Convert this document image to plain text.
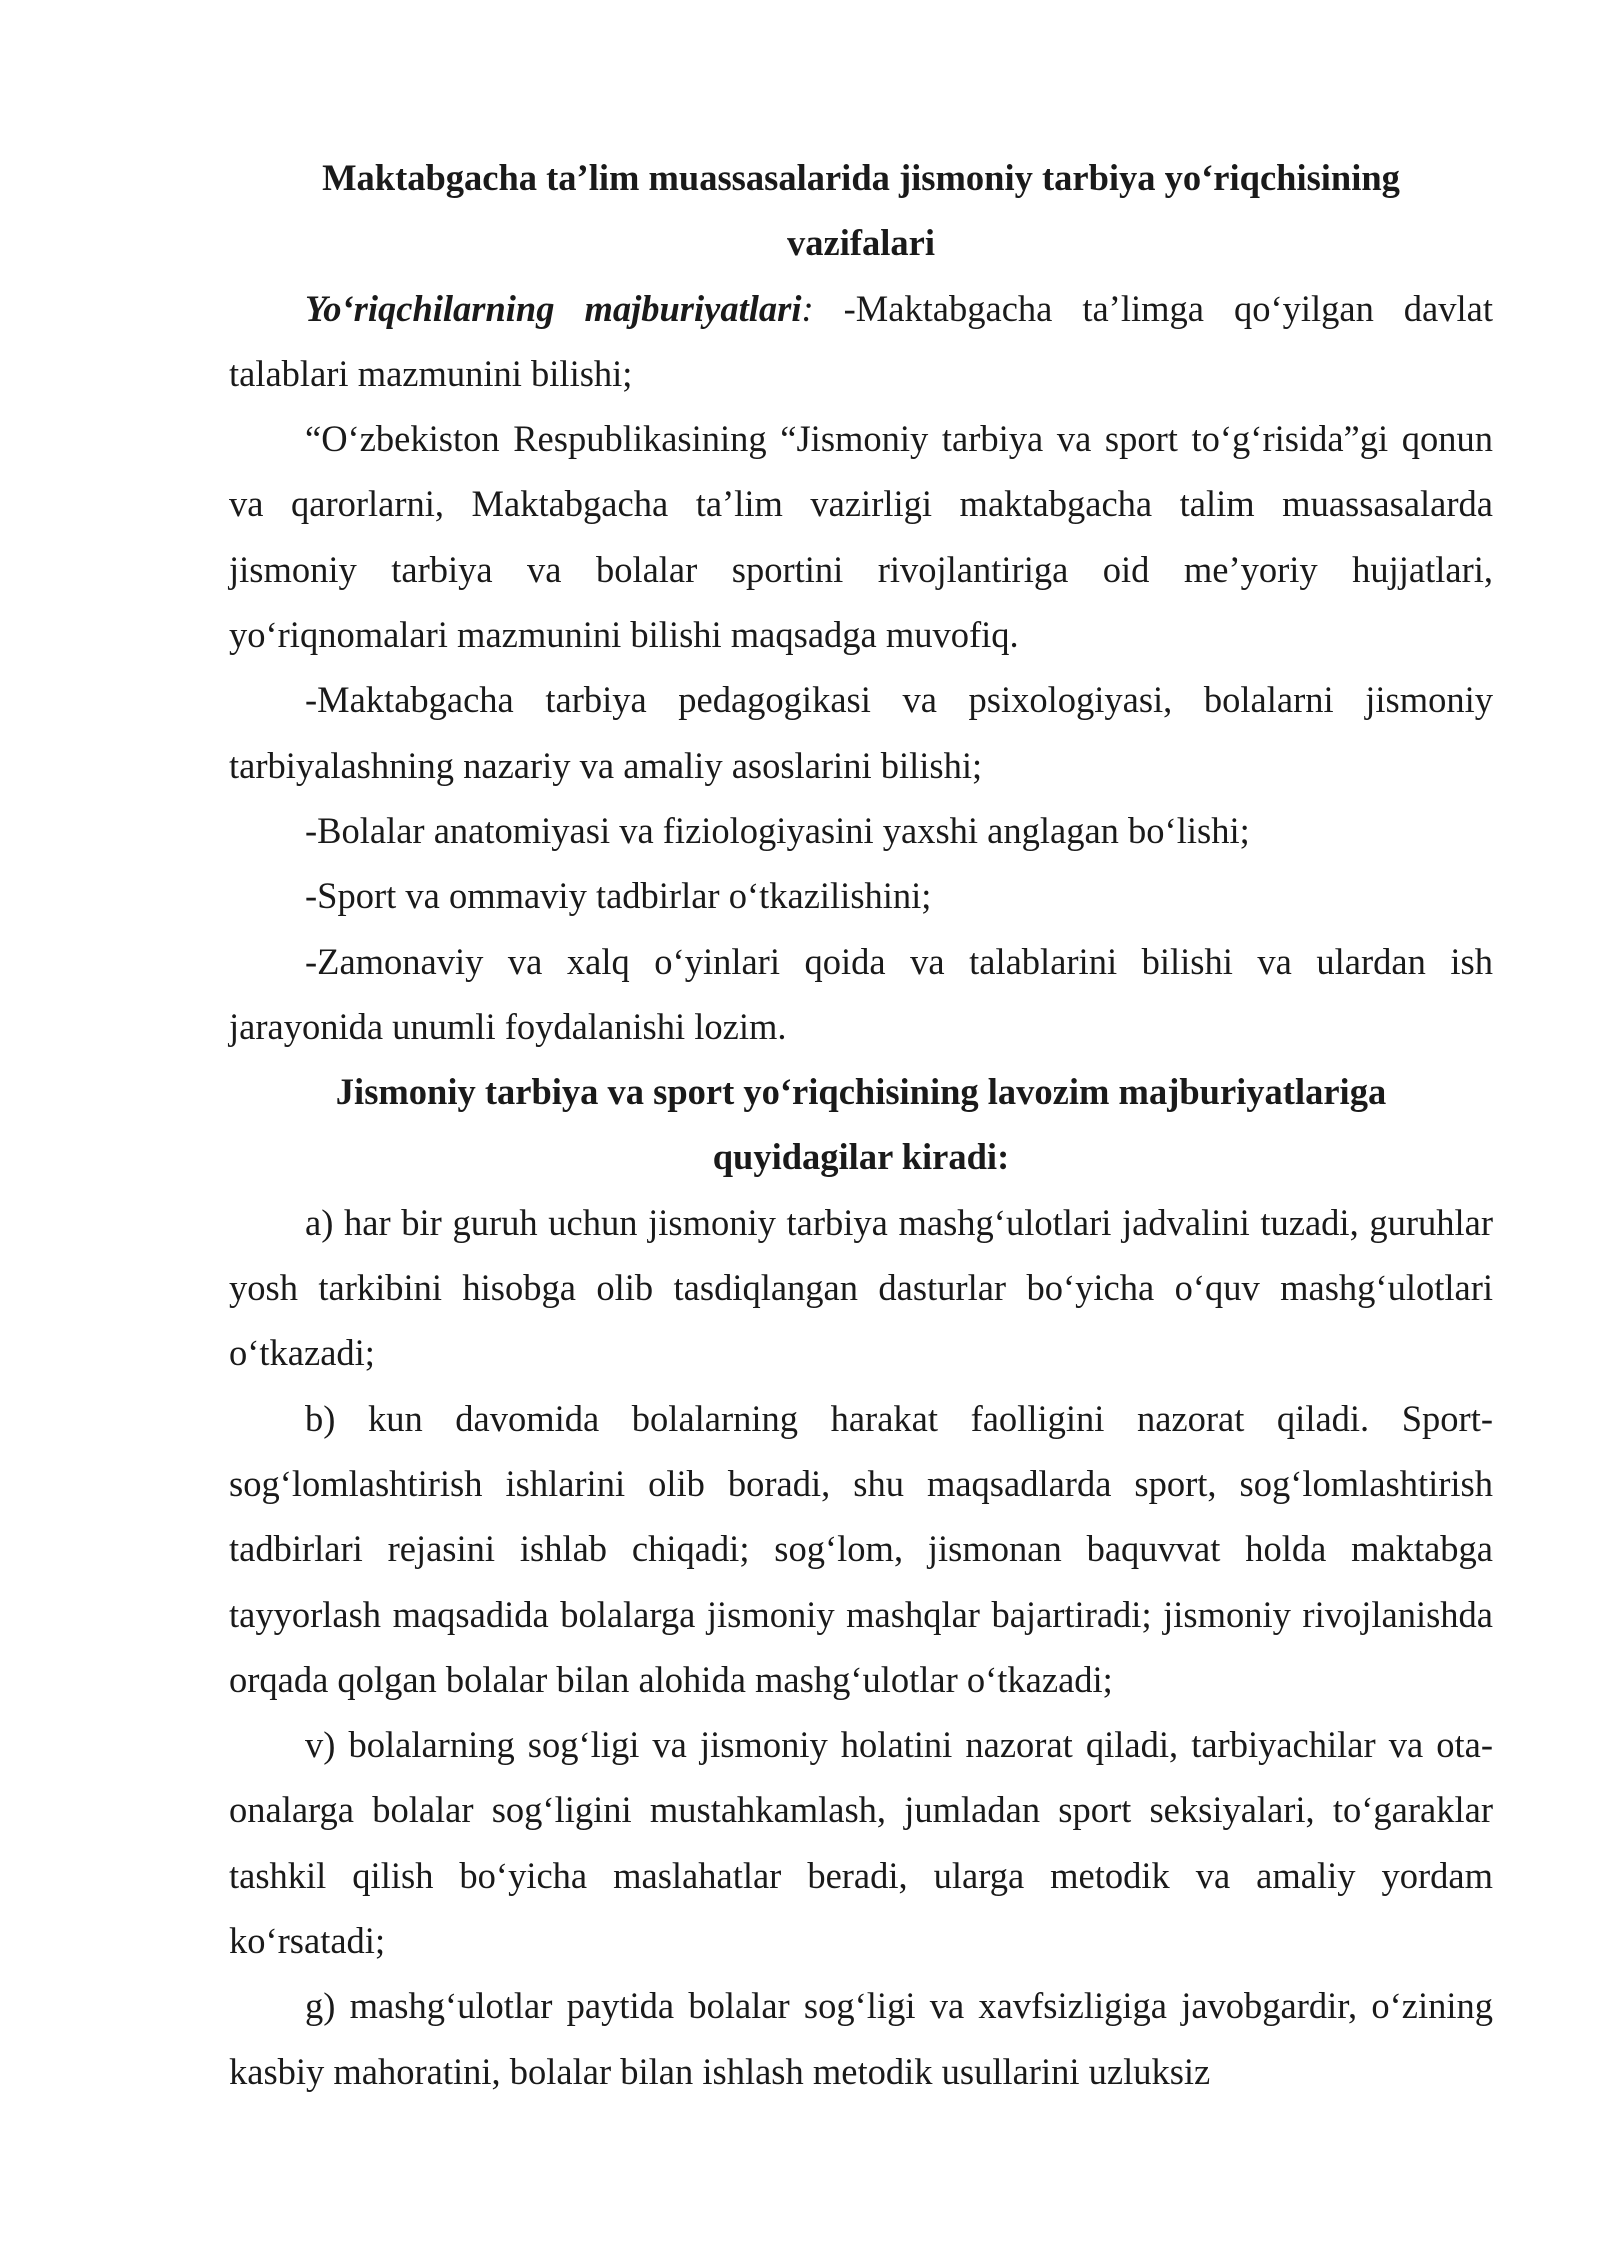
Maktabgacha ta’lim muassasalarida jismoniy tarbiya yo‘riqchisining
vazifalari

Yo‘riqchilarning majburiyatlari: -Maktabgacha ta’limga qo‘yilgan davlat talablari mazmunini bilishi;

“O‘zbekiston Respublikasining “Jismoniy tarbiya va sport to‘g‘risida”gi qonun va qarorlarni, Maktabgacha ta’lim vazirligi maktabgacha talim muassasalarda jismoniy tarbiya va bolalar sportini rivojlantiriga oid me’yoriy hujjatlari, yo‘riqnomalari mazmunini bilishi maqsadga muvofiq.

-Maktabgacha tarbiya pedagogikasi va psixologiyasi, bolalarni jismoniy tarbiyalashning nazariy va amaliy asoslarini bilishi;

-Bolalar anatomiyasi va fiziologiyasini yaxshi anglagan bo‘lishi;

-Sport va ommaviy tadbirlar o‘tkazilishini;

-Zamonaviy va xalq o‘yinlari qoida va talablarini bilishi va ulardan ish jarayonida unumli foydalanishi lozim.

Jismoniy tarbiya va sport yo‘riqchisining lavozim majburiyatlariga
quyidagilar kiradi:

a) har bir guruh uchun jismoniy tarbiya mashg‘ulotlari jadvalini tuzadi, guruhlar yosh tarkibini hisobga olib tasdiqlangan dasturlar bo‘yicha o‘quv mashg‘ulotlari o‘tkazadi;

b) kun davomida bolalarning harakat faolligini nazorat qiladi. Sport-sog‘lomlashtirish ishlarini olib boradi, shu maqsadlarda sport, sog‘lomlashtirish tadbirlari rejasini ishlab chiqadi; sog‘lom, jismonan baquvvat holda maktabga tayyorlash maqsadida bolalarga jismoniy mashqlar bajartiradi; jismoniy rivojlanishda orqada qolgan bolalar bilan alohida mashg‘ulotlar o‘tkazadi;

v) bolalarning sog‘ligi va jismoniy holatini nazorat qiladi, tarbiyachilar va ota-onalarga bolalar sog‘ligini mustahkamlash, jumladan sport seksiyalari, to‘garaklar tashkil qilish bo‘yicha maslahatlar beradi, ularga metodik va amaliy yordam ko‘rsatadi;

g) mashg‘ulotlar paytida bolalar sog‘ligi va xavfsizligiga javobgardir, o‘zining kasbiy mahoratini, bolalar bilan ishlash metodik usullarini uzluksiz
